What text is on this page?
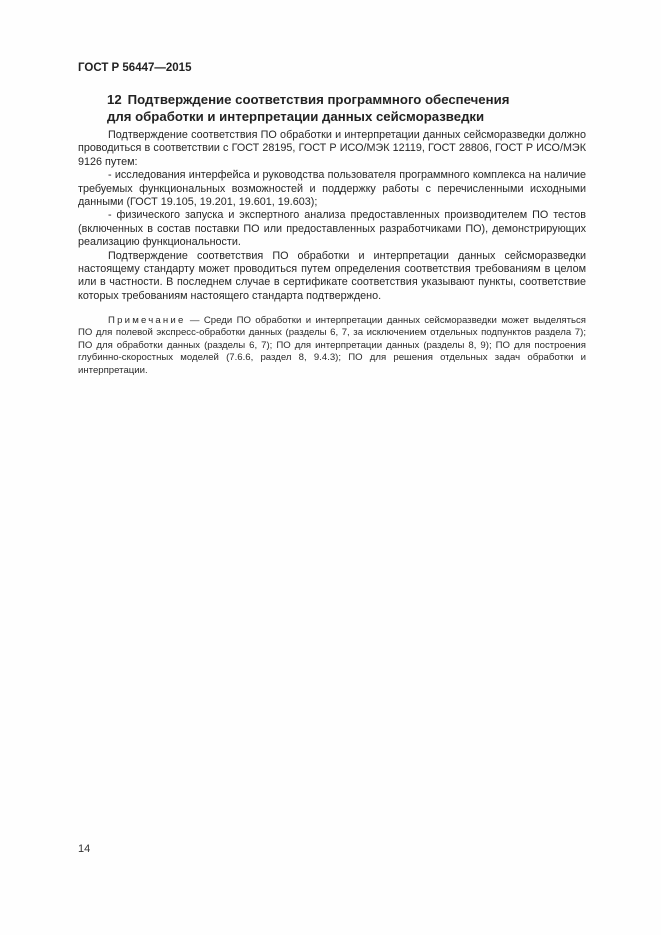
ГОСТ Р 56447—2015
12 Подтверждение соответствия программного обеспечения
для обработки и интерпретации данных сейсморазведки

Подтверждение соответствия ПО обработки и интерпретации данных сейсморазведки должно проводиться в соответствии с ГОСТ 28195, ГОСТ Р ИСО/МЭК 12119, ГОСТ 28806, ГОСТ Р ИСО/МЭК 9126 путем:

- исследования интерфейса и руководства пользователя программного комплекса на наличие требуемых функциональных возможностей и поддержку работы с перечисленными исходными данными (ГОСТ 19.105, 19.201, 19.601, 19.603);

- физического запуска и экспертного анализа предоставленных производителем ПО тестов (включенных в состав поставки ПО или предоставленных разработчиками ПО), демонстрирующих реализацию функциональности.

Подтверждение соответствия ПО обработки и интерпретации данных сейсморазведки настоящему стандарту может проводиться путем определения соответствия требованиям в целом или в частности. В последнем случае в сертификате соответствия указывают пункты, соответствие которых требованиям настоящего стандарта подтверждено.

Примечание — Среди ПО обработки и интерпретации данных сейсморазведки может выделяться ПО для полевой экспресс-обработки данных (разделы 6, 7, за исключением отдельных подпунктов раздела 7); ПО для обработки данных (разделы 6, 7); ПО для интерпретации данных (разделы 8, 9); ПО для построения глубинно-скоростных моделей (7.6.6, раздел 8, 9.4.3); ПО для решения отдельных задач обработки и интерпретации.

14
